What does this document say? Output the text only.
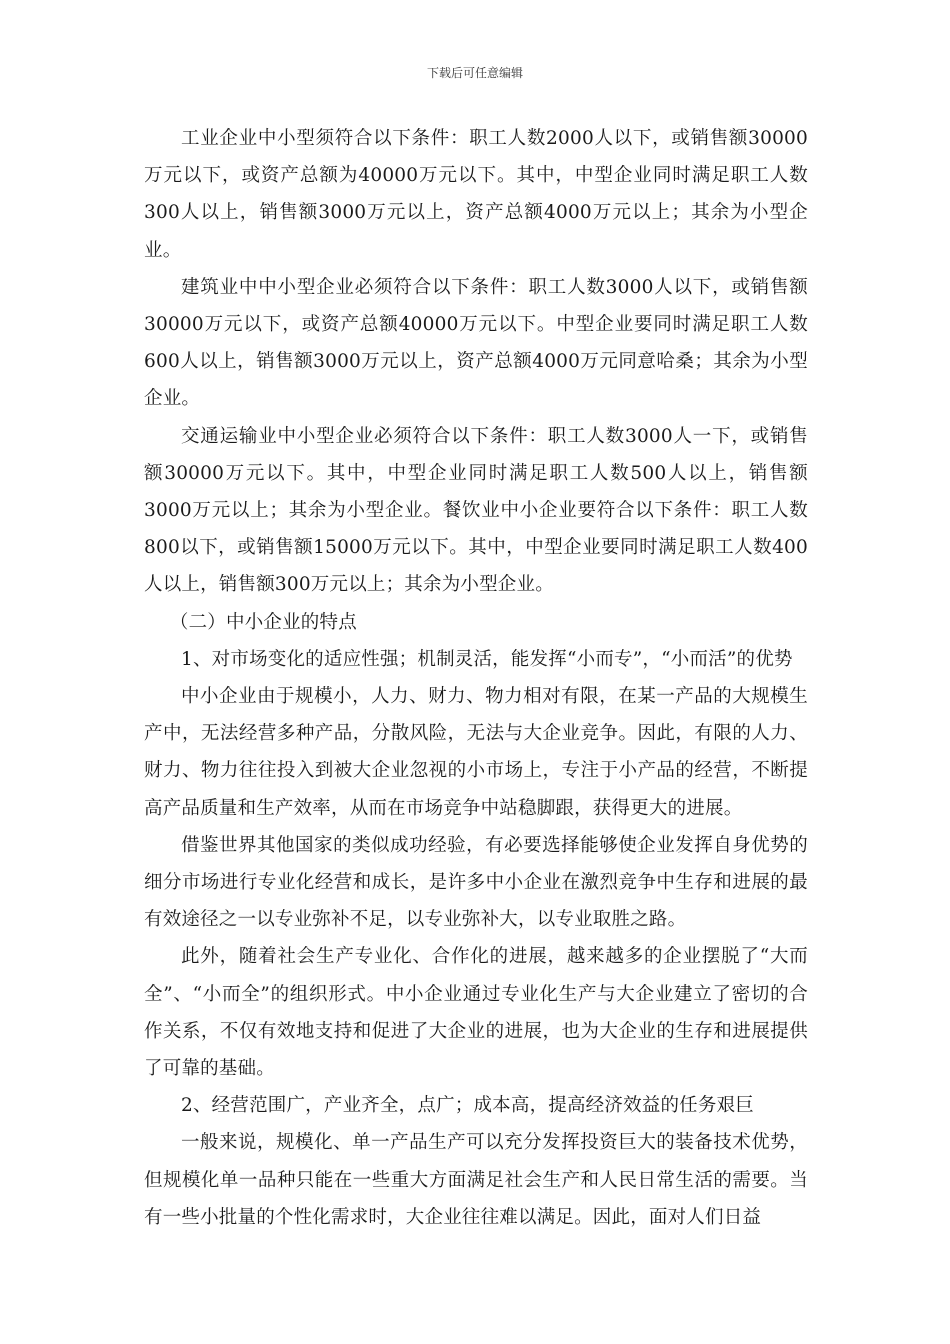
下载后可任意编辑

工业企业中小型须符合以下条件：职工人数2000人以下，或销售额30000万元以下，或资产总额为40000万元以下。其中，中型企业同时满足职工人数300人以上，销售额3000万元以上，资产总额4000万元以上；其余为小型企业。

建筑业中中小型企业必须符合以下条件：职工人数3000人以下，或销售额30000万元以下，或资产总额40000万元以下。中型企业要同时满足职工人数600人以上，销售额3000万元以上，资产总额4000万元同意哈桑；其余为小型企业。

交通运输业中小型企业必须符合以下条件：职工人数3000人一下，或销售额30000万元以下。其中，中型企业同时满足职工人数500人以上，销售额3000万元以上；其余为小型企业。餐饮业中小企业要符合以下条件：职工人数800以下，或销售额15000万元以下。其中，中型企业要同时满足职工人数400人以上，销售额300万元以上；其余为小型企业。

（二）中小企业的特点

1、对市场变化的适应性强；机制灵活，能发挥“小而专”，“小而活”的优势

中小企业由于规模小，人力、财力、物力相对有限，在某一产品的大规模生产中，无法经营多种产品，分散风险，无法与大企业竞争。因此，有限的人力、财力、物力往往投入到被大企业忽视的小市场上，专注于小产品的经营，不断提高产品质量和生产效率，从而在市场竞争中站稳脚跟，获得更大的进展。

借鉴世界其他国家的类似成功经验，有必要选择能够使企业发挥自身优势的细分市场进行专业化经营和成长，是许多中小企业在激烈竞争中生存和进展的最有效途径之一以专业弥补不足，以专业弥补大，以专业取胜之路。

此外，随着社会生产专业化、合作化的进展，越来越多的企业摆脱了“大而全”、“小而全”的组织形式。中小企业通过专业化生产与大企业建立了密切的合作关系，不仅有效地支持和促进了大企业的进展，也为大企业的生存和进展提供了可靠的基础。

2、经营范围广，产业齐全，点广；成本高，提高经济效益的任务艰巨

一般来说，规模化、单一产品生产可以充分发挥投资巨大的装备技术优势，但规模化单一品种只能在一些重大方面满足社会生产和人民日常生活的需要。当有一些小批量的个性化需求时，大企业往往难以满足。因此，面对人们日益
